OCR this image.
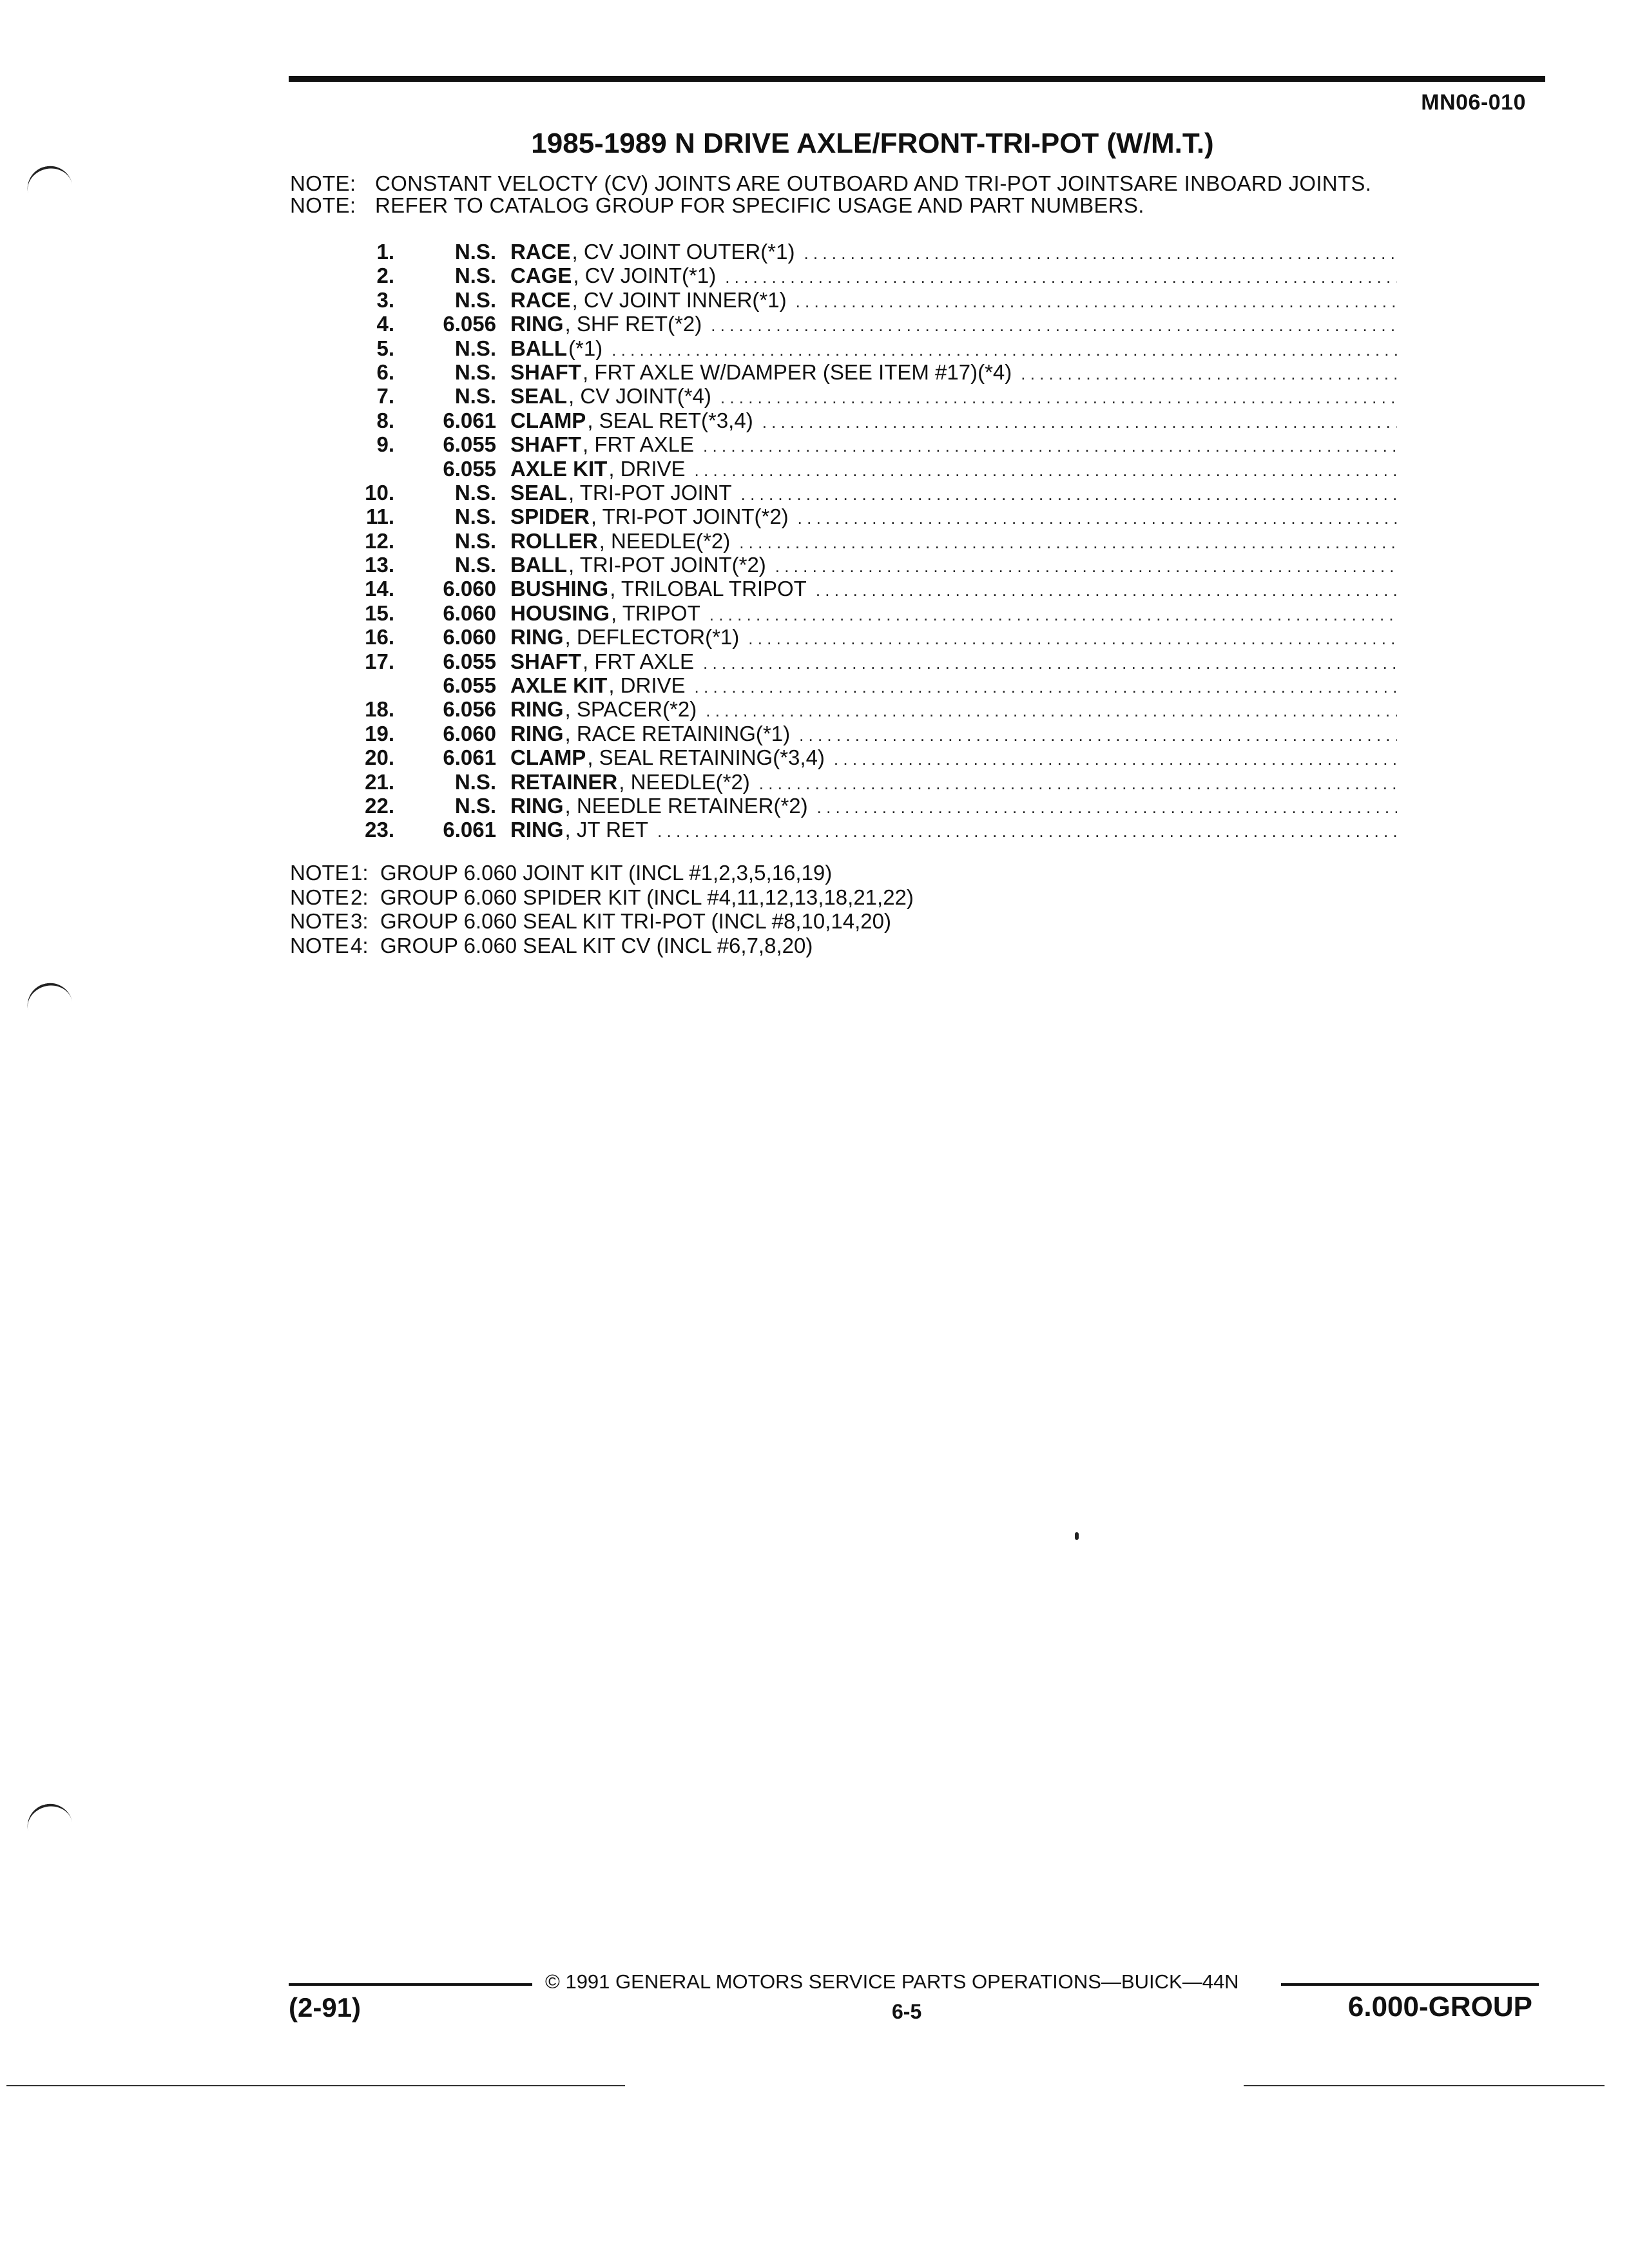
MN06-010
1985-1989 N DRIVE AXLE/FRONT-TRI-POT (W/M.T.)
NOTE: CONSTANT VELOCTY (CV) JOINTS ARE OUTBOARD AND TRI-POT JOINTSARE INBOARD JOINTS.
NOTE: REFER TO CATALOG GROUP FOR SPECIFIC USAGE AND PART NUMBERS.
1.	N.S. RACE , CV JOINT OUTER(*1)
. . .
2.	N.S. CAGE , CV JOINT(*1)
. . .
3.	N.S. RACE , CV JOINT INNER(*1)
. . .
4.	6.056 RING , SHF RET(*2)
. . .
5.	N.S. BALL (*1)
. . .
6.	N.S. SHAFT , FRT AXLE W/DAMPER (SEE ITEM #17)(*4)
. . .
7.	N.S. SEAL , CV JOINT(*4)
. . .
8.	6.061 CLAMP , SEAL RET(*3,4)
. . .
9.	6.055 SHAFT , FRT AXLE
. . .
6.055 AXLE KIT , DRIVE
. . .
10.	N.S. SEAL , TRI-POT JOINT
. . .
11.	N.S. SPIDER , TRI-POT JOINT(*2)
. . .
12.	N.S. ROLLER , NEEDLE(*2)
. . .
13.	N.S. BALL , TRI-POT JOINT(*2)
. . .
14.	6.060 BUSHING , TRILOBAL TRIPOT
. . .
15.	6.060 HOUSING , TRIPOT
. . .
16.	6.060 RING , DEFLECTOR(*1)
. . .
17.	6.055 SHAFT , FRT AXLE
. . .
6.055 AXLE KIT , DRIVE
. . .
18.	6.056 RING , SPACER(*2)
. . .
19.	6.060 RING , RACE RETAINING(*1)
. . .
20.	6.061 CLAMP , SEAL RETAINING(*3,4)
. . .
21.	N.S. RETAINER , NEEDLE(*2)
. . .
22.	N.S. RING , NEEDLE RETAINER(*2)
. . .
23.	6.061 RING , JT RET
. . .
NOTE1: GROUP 6.060 JOINT KIT (INCL #1,2,3,5,16,19)
NOTE2: GROUP 6.060 SPIDER KIT (INCL #4,11,12,13,18,21,22)
NOTE3: GROUP 6.060 SEAL KIT TRI-POT (INCL #8,10,14,20)
NOTE4: GROUP 6.060 SEAL KIT CV (INCL #6,7,8,20)
© 1991 GENERAL MOTORS SERVICE PARTS OPERATIONS—BUICK—44N
(2-91)	6-5	6.000-GROUP
